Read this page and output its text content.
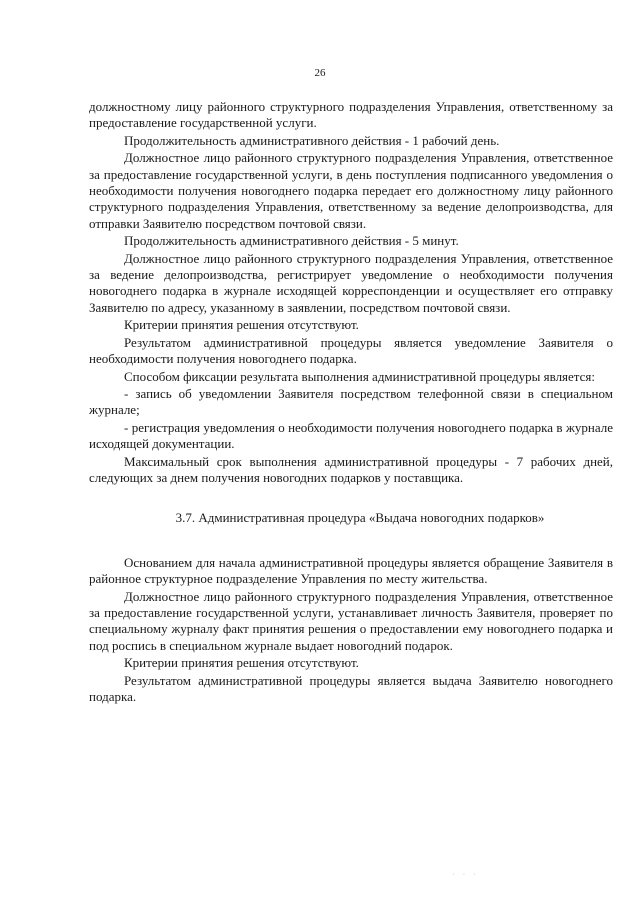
26

должностному лицу районного структурного подразделения Управления, ответственному за предоставление государственной услуги.

Продолжительность административного действия - 1 рабочий день.

Должностное лицо районного структурного подразделения Управления, ответственное за предоставление государственной услуги, в день поступления подписанного уведомления о необходимости получения новогоднего подарка передает его должностному лицу районного структурного подразделения Управления, ответственному за ведение делопроизводства, для отправки Заявителю посредством почтовой связи.

Продолжительность административного действия - 5 минут.

Должностное лицо районного структурного подразделения Управления, ответственное за ведение делопроизводства, регистрирует уведомление о необходимости получения новогоднего подарка в журнале исходящей корреспонденции и осуществляет его отправку Заявителю по адресу, указанному в заявлении, посредством почтовой связи.

Критерии принятия решения отсутствуют.

Результатом административной процедуры является уведомление Заявителя о необходимости получения новогоднего подарка.

Способом фиксации результата выполнения административной процедуры является:

- запись об уведомлении Заявителя посредством телефонной связи в специальном журнале;

- регистрация уведомления о необходимости получения новогоднего подарка в журнале исходящей документации.

Максимальный срок выполнения административной процедуры - 7 рабочих дней, следующих за днем получения новогодних подарков у поставщика.

3.7. Административная процедура «Выдача новогодних подарков»

Основанием для начала административной процедуры является обращение Заявителя в районное структурное подразделение Управления по месту жительства.

Должностное лицо районного структурного подразделения Управления, ответственное за предоставление государственной услуги, устанавливает личность Заявителя, проверяет по специальному журналу факт принятия решения о предоставлении ему новогоднего подарка и под роспись в специальном журнале выдает новогодний подарок.

Критерии принятия решения отсутствуют.

Результатом административной процедуры является выдача Заявителю новогоднего подарка.

· · ·
